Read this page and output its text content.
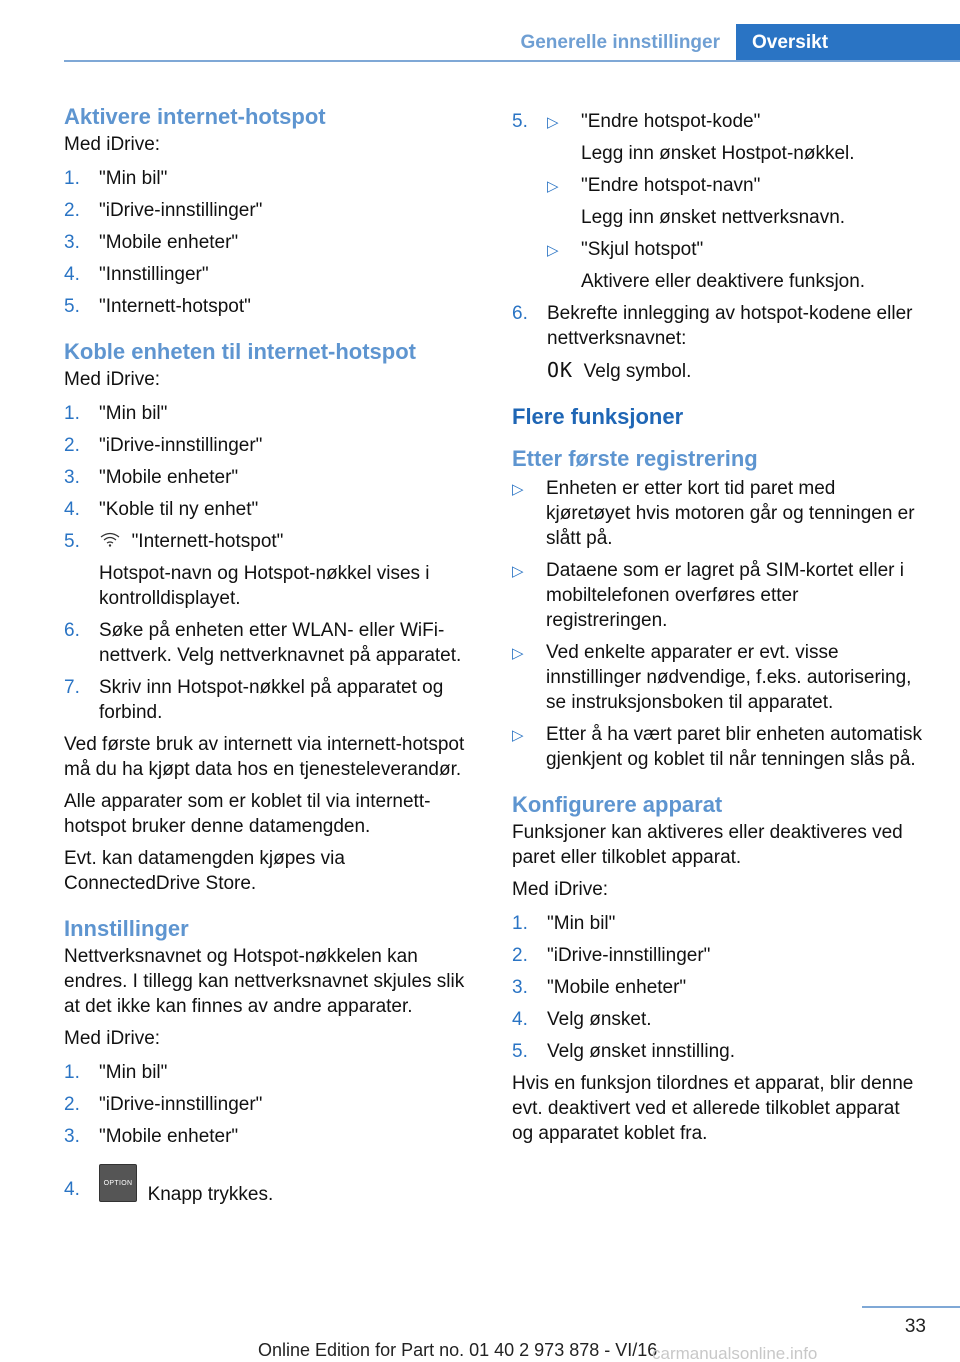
Generelle innstillinger	Oversikt
Aktivere internet-hotspot

Med iDrive:

1.	"Min bil"
2.	"iDrive-innstillinger"
3.	"Mobile enheter"
4.	"Innstillinger"
5.	"Internett-hotspot"
Koble enheten til internet-hotspot

Med iDrive:

1.	"Min bil"
2.	"iDrive-innstillinger"
3.	"Mobile enheter"
4.	"Koble til ny enhet"
5.	"Internett-hotspot"
Hotspot-navn og Hotspot-nøkkel vises i kontrolldisplayet.
6.	Søke på enheten etter WLAN- eller WiFi-nettverk. Velg nettverknavnet på apparatet.
7.	Skriv inn Hotspot-nøkkel på apparatet og forbind.

Ved første bruk av internett via internett-hotspot må du ha kjøpt data hos en tjenesteleverandør.

Alle apparater som er koblet til via internett-hotspot bruker denne datamengden.

Evt. kan datamengden kjøpes via ConnectedDrive Store.

Innstillinger

Nettverksnavnet og Hotspot-nøkkelen kan endres. I tillegg kan nettverksnavnet skjules slik at det ikke kan finnes av andre apparater.

Med iDrive:

1.	"Min bil"
2.	"iDrive-innstillinger"
3.	"Mobile enheter"
4.	OPTION  Knapp trykkes.
5.	▷	"Endre hotspot-kode"
Legg inn ønsket Hostpot-nøkkel.
▷	"Endre hotspot-navn"
Legg inn ønsket nettverksnavn.
▷	"Skjul hotspot"
Aktivere eller deaktivere funksjon.
6.	Bekrefte innlegging av hotspot-kodene eller nettverksnavnet:
OK Velg symbol.
Flere funksjoner
Etter første registrering
▷	Enheten er etter kort tid paret med kjøretøyet hvis motoren går og tenningen er slått på.
▷	Dataene som er lagret på SIM-kortet eller i mobiltelefonen overføres etter registreringen.
▷	Ved enkelte apparater er evt. visse innstillinger nødvendige, f.eks. autorisering, se instruksjonsboken til apparatet.
▷	Etter å ha vært paret blir enheten automatisk gjenkjent og koblet til når tenningen slås på.
Konfigurere apparat

Funksjoner kan aktiveres eller deaktiveres ved paret eller tilkoblet apparat.

Med iDrive:

1.	"Min bil"
2.	"iDrive-innstillinger"
3.	"Mobile enheter"
4.	Velg ønsket.
5.	Velg ønsket innstilling.

Hvis en funksjon tilordnes et apparat, blir denne evt. deaktivert ved et allerede tilkoblet apparat og apparatet koblet fra.

33
Online Edition for Part no. 01 40 2 973 878 - VI/16
carmanualsonline.info
